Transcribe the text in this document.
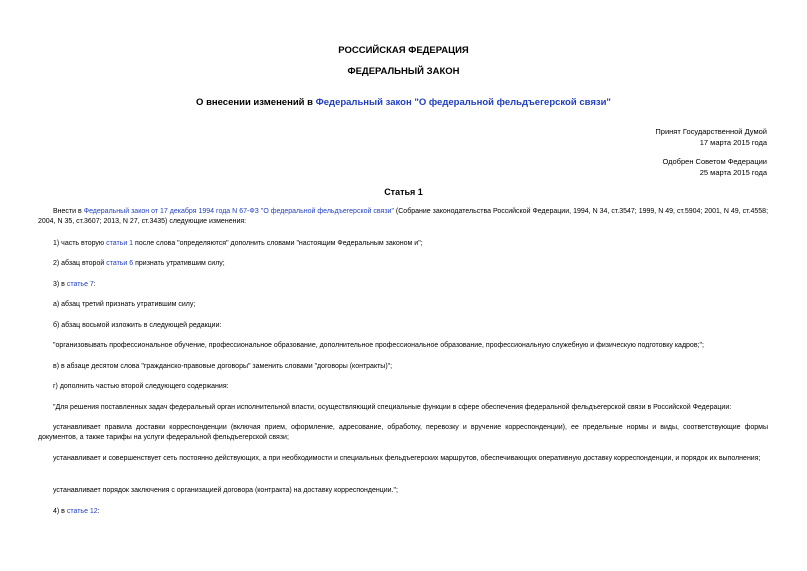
РОССИЙСКАЯ ФЕДЕРАЦИЯ
ФЕДЕРАЛЬНЫЙ ЗАКОН
О внесении изменений в Федеральный закон "О федеральной фельдъегерской связи"
Принят Государственной Думой
17 марта 2015 года
Одобрен Советом Федерации
25 марта 2015 года
Статья 1
Внести в Федеральный закон от 17 декабря 1994 года N 67-ФЗ "О федеральной фельдъегерской связи" (Собрание законодательства Российской Федерации, 1994, N 34, ст.3547; 1999, N 49, ст.5904; 2001, N 49, ст.4558; 2004, N 35, ст.3607; 2013, N 27, ст.3435) следующие изменения:
1) часть вторую статьи 1 после слова "определяются" дополнить словами "настоящим Федеральным законом и";
2) абзац второй статьи 6 признать утратившим силу;
3) в статье 7:
а) абзац третий признать утратившим силу;
б) абзац восьмой изложить в следующей редакции:
"организовывать профессиональное обучение, профессиональное образование, дополнительное профессиональное образование, профессиональную служебную и физическую подготовку кадров;";
в) в абзаце десятом слова "гражданско-правовые договоры" заменить словами "договоры (контракты)";
г) дополнить частью второй следующего содержания:
"Для решения поставленных задач федеральный орган исполнительной власти, осуществляющий специальные функции в сфере обеспечения федеральной фельдъегерской связи в Российской Федерации:
устанавливает правила доставки корреспонденции (включая прием, оформление, адресование, обработку, перевозку и вручение корреспонденции), ее предельные нормы и виды, соответствующие формы документов, а также тарифы на услуги федеральной фельдъегерской связи;
устанавливает и совершенствует сеть постоянно действующих, а при необходимости и специальных фельдъегерских маршрутов, обеспечивающих оперативную доставку корреспонденции, и порядок их выполнения;
устанавливает порядок заключения с организацией договора (контракта) на доставку корреспонденции.";
4) в статье 12:
